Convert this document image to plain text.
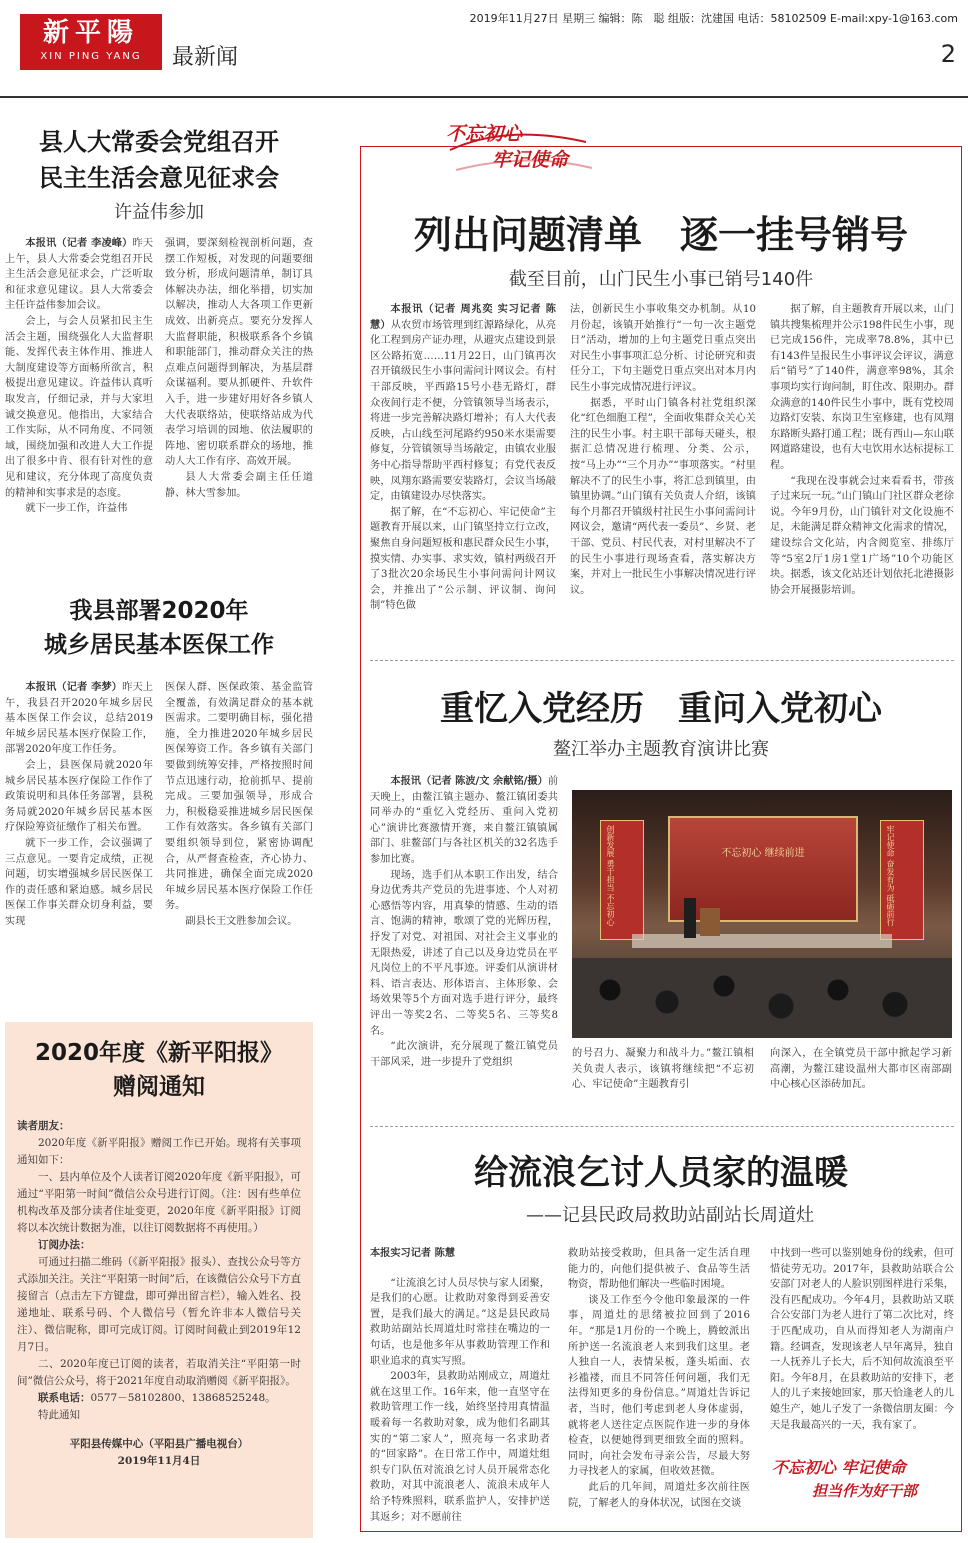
新平陽
XIN PING YANG	最新闻
2019年11月27日 星期三 编辑：陈　聪 组版：沈建国 电话：58102509 E-mail:xpy-1@163.com
2
县人大常委会党组召开
民主生活会意见征求会
许益伟参加

本报讯（记者 李凌峰）昨天上午，县人大常委会党组召开民主生活会意见征求会，广泛听取和征求意见建议。县人大常委会主任许益伟参加会议。

会上，与会人员紧扣民主生活会主题，围绕强化人大监督职能、发挥代表主体作用、推进人大制度建设等方面畅所欲言，积极提出意见建议。许益伟认真听取发言，仔细记录，并与大家坦诚交换意见。他指出，大家结合工作实际，从不同角度、不同领域，围绕加强和改进人大工作提出了很多中肯、很有针对性的意见和建议，充分体现了高度负责的精神和实事求是的态度。

就下一步工作，许益伟

强调，要深刻检视剖析问题，查摆工作短板，对发现的问题要细致分析，形成问题清单，制订具体解决办法，细化举措，切实加以解决，推动人大各项工作更新成效、出新亮点。要充分发挥人大监督职能，积极联系各个乡镇和职能部门，推动群众关注的热点难点问题得到解决，为基层群众谋福利。要从抓硬件、升软件入手，进一步建好用好各乡镇人大代表联络站，使联络站成为代表学习培训的园地、依法履职的阵地、密切联系群众的场地，推动人大工作有序、高效开展。

县人大常委会副主任任道静、林大雪参加。

我县部署2020年
城乡居民基本医保工作

本报讯（记者 李梦）昨天上午，我县召开2020年城乡居民基本医保工作会议，总结2019年城乡居民基本医疗保险工作，部署2020年度工作任务。

会上，县医保局就2020年城乡居民基本医疗保险工作作了政策说明和具体任务部署，县税务局就2020年城乡居民基本医疗保险筹资征缴作了相关布置。

就下一步工作，会议强调了三点意见。一要肯定成绩，正视问题，切实增强城乡居民医保工作的责任感和紧迫感。城乡居民医保工作事关群众切身利益，要实现

医保人群、医保政策、基金监管全覆盖，有效满足群众的基本就医需求。二要明确目标，强化措施，全力推进2020年城乡居民医保筹资工作。各乡镇有关部门要做到统筹安排，严格按照时间节点迅速行动，抢前抓早、提前完成。三要加强领导，形成合力，积极稳妥推进城乡居民医保工作有效落实。各乡镇有关部门要组织领导到位，紧密协调配合，从严督查检查，齐心协力、共同推进，确保全面完成2020年城乡居民基本医疗保险工作任务。

副县长王文胜参加会议。

2020年度《新平阳报》
赠阅通知

读者朋友：

2020年度《新平阳报》赠阅工作已开始。现将有关事项通知如下：

一、县内单位及个人读者订阅2020年度《新平阳报》，可通过“平阳第一时间”微信公众号进行订阅。（注：因有些单位机构改革及部分读者住址变更，2020年度《新平阳报》订阅将以本次统计数据为准，以往订阅数据将不再使用。）

订阅办法：

可通过扫描二维码（《新平阳报》报头）、查找公众号等方式添加关注。关注“平阳第一时间”后，在该微信公众号下方直接留言（点击左下方键盘，即可弹出留言栏），输入姓名、投递地址、联系号码、个人微信号（暂允许非本人微信号关注）、微信昵称，即可完成订阅。订阅时间截止到2019年12月7日。

二、2020年度已订阅的读者，若取消关注“平阳第一时间”微信公众号，将于2021年度自动取消赠阅《新平阳报》。

联系电话：0577－58102800、13868525248。

特此通知

平阳县传媒中心（平阳县广播电视台）

2019年11月4日

不忘初心
牢记使命
列出问题清单　逐一挂号销号
截至目前，山门民生小事已销号140件

本报讯（记者 周兆奕 实习记者 陈慧）从农贸市场管理到红源路绿化，从亮化工程到房产证办理，从避灾点建设到景区公路拓宽……11月22日，山门镇再次召开镇级民生小事问需问计网议会。有村干部反映，平西路15号小巷无路灯，群众夜间行走不便，分管镇领导当场表示，将进一步完善解决路灯增补；有人大代表反映，占山线至河尾路约950米水渠需要修复，分管镇领导当场敲定，由镇农业服务中心指导帮助平西村修复；有党代表反映，凤翔东路需要安装路灯，会议当场敲定，由镇建设办尽快落实。

据了解，在“不忘初心、牢记使命”主题教育开展以来，山门镇坚持立行立改，聚焦自身问题短板和惠民群众民生小事，摸实情、办实事、求实效，镇村两级召开了3批次20余场民生小事问需问计网议会，并推出了“公示制、评议制、询问制”特色做

法，创新民生小事收集交办机制。从10月份起，该镇开始推行“一句一次主题党日”活动，增加的上句主题党日重点突出对民生小事事项汇总分析、讨论研究和责任分工，下句主题党日重点突出对本月内民生小事完成情况进行评议。

据悉，平时山门镇各村社党组织深化“红色细胞工程”，全面收集群众关心关注的民生小事。村主职干部每天碰头，根据汇总情况进行梳理、分类、公示，按“马上办”“三个月办”“事项落实。“村里解决不了的民生小事，将汇总到镇里，由镇里协调。”山门镇有关负责人介绍，该镇每个月都召开镇级村社民生小事问需问计网议会，邀请“两代表一委员”、乡贤、老干部、党员、村民代表，对村里解决不了的民生小事进行现场查看，落实解决方案，并对上一批民生小事解决情况进行评议。

据了解，自主题教育开展以来，山门镇共搜集梳理并公示198件民生小事，现已完成156件，完成率78.8%，其中已有143件呈报民生小事评议会评议，满意后“销号”了140件，满意率98%，其余事项均实行询问制，盯住改、限期办。群众满意的140件民生小事中，既有党校周边路灯安装、东岗卫生室修建，也有凤翔东路断头路打通工程；既有西山—东山联网道路建设，也有大屯饮用水达标提标工程。

“我现在没事就会过来看看书，带孩子过来玩一玩。”山门镇山门社区群众老徐说。今年9月份，山门镇针对文化设施不足，未能满足群众精神文化需求的情况，建设综合文化站，内含阅览室、排练厅等“5室2厅1房1堂1广场”10个功能区块。据悉，该文化站还计划依托北港摄影协会开展摄影培训。

重忆入党经历　重问入党初心
鳌江举办主题教育演讲比赛

本报讯（记者 陈波/文 余献铭/摄）前天晚上，由鳌江镇主题办、鳌江镇团委共同举办的“重忆入党经历、重问入党初心”演讲比赛激情开赛，来自鳌江镇镇属部门、驻鳌部门与各社区机关的32名选手参加比赛。

现场，选手们从本职工作出发，结合身边优秀共产党员的先进事迹、个人对初心感悟等内容，用真挚的情感、生动的语言、饱满的精神，歌颂了党的光辉历程，抒发了对党、对祖国、对社会主义事业的无限热爱，讲述了自己以及身边党员在平凡岗位上的不平凡事迹。评委们从演讲材料、语言表达、形体语言、主体形象、会场效果等5个方面对选手进行评分，最终评出一等奖2名、二等奖5名、三等奖8名。

“此次演讲，充分展现了鳌江镇党员干部风采，进一步提升了党组织

不忘初心 继续前进
创新发展 勇于担当 不忘初心	牢记使命 奋发有为 砥砺前行

的号召力、凝聚力和战斗力。”鳌江镇相关负责人表示，该镇将继续把“不忘初心、牢记使命”主题教育引

向深入，在全镇党员干部中掀起学习新高潮，为鳌江建设温州大都市区南部副中心核心区添砖加瓦。

给流浪乞讨人员家的温暖
——记县民政局救助站副站长周道灶

本报实习记者 陈慧

“让流浪乞讨人员尽快与家人团聚，是我们的心愿。让救助对象得到妥善安置，是我们最大的满足。”这是县民政局救助站副站长周道灶时常挂在嘴边的一句话，也是他多年从事救助管理工作和职业追求的真实写照。

2003年，县救助站刚成立，周道灶就在这里工作。16年来，他一直坚守在救助管理工作一线，始终坚持用真情温暖着每一名救助对象，成为他们名副其实的“第二家人”，照亮每一名求助者的“回家路”。在日常工作中，周道灶组织专门队伍对流浪乞讨人员开展常态化救助，对其中流浪老人、流浪未成年人给予特殊照料，联系监护人，安排护送其返乡；对不愿前往

救助站接受救助，但具备一定生活自理能力的，向他们提供被子、食品等生活物资，帮助他们解决一些临时困境。

谈及工作至今令他印象最深的一件事，周道灶的思绪被拉回到了2016年。“那是1月份的一个晚上，腾蛟派出所护送一名流浪老人来到我们这里。老人独自一人，表情呆板，蓬头垢面、衣衫褴褛，而且不同答任何问题，我们无法得知更多的身份信息。”周道灶告诉记者，当时，他们考虑到老人身体虚弱，就将老人送往定点医院作进一步的身体检查，以便她得到更细致全面的照料。同时，向社会发布寻亲公告，尽最大努力寻找老人的家属，但收效甚微。

此后的几年间，周道灶多次前往医院，了解老人的身体状况，试图在交谈

中找到一些可以鉴别她身份的线索，但可惜徒劳无功。2017年，县救助站联合公安部门对老人的人脸识别图样进行采集，没有匹配成功。今年4月，县救助站又联合公安部门为老人进行了第二次比对，终于匹配成功，自从而得知老人为湖南户籍。经调查，发现该老人早年离异，独自一人抚养儿子长大，后不知何故流浪至平阳。今年8月，在县救助站的安排下，老人的儿子来接她回家，那天恰逢老人的儿媳生产，她儿子发了一条微信朋友圈：今天是我最高兴的一天，我有家了。

不忘初心 牢记使命
担当作为好干部
